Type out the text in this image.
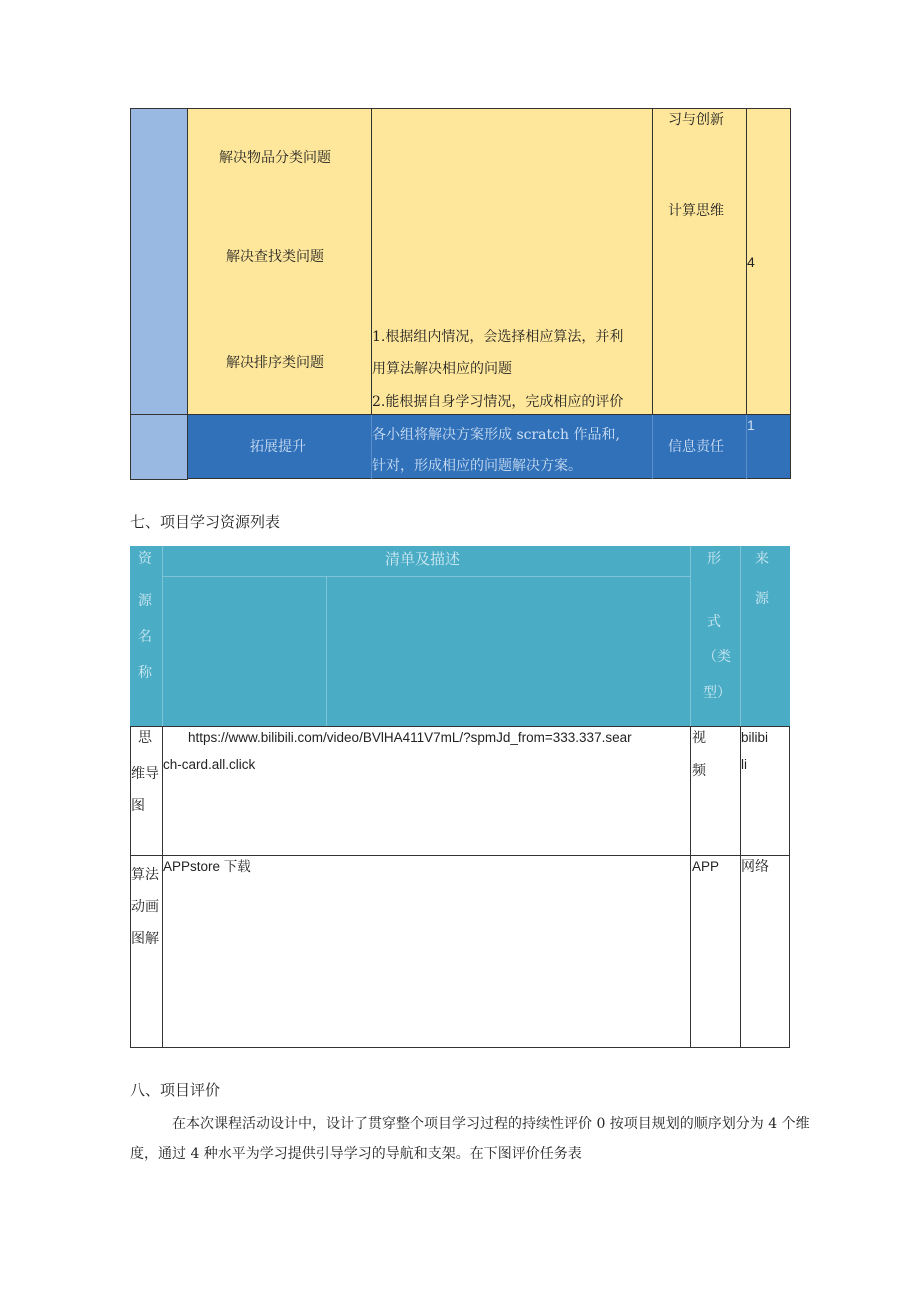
解决物品分类问题
解决查找类问题
解决排序类问题
1.根据组内情况，会选择相应算法，并利
用算法解决相应的问题
2.能根据自身学习情况，完成相应的评价
习与创新
计算思维
4
拓展提升
各小组将解决方案形成 scratch 作品和,
针对，形成相应的问题解决方案。
信息责任
1
七、项目学习资源列表
资
源
名
称
清单及描述	形
式
（类
型）
来
源
思
维导
图
https://www.bilibili.com/video/BVlHA411V7mL/?spmJd_from=333.337.sear
ch-card.all.click
视
频
bilibi
li
算法
动画
图解
APPstore 下载	APP 网络
八、项目评价

在本次课程活动设计中，设计了贯穿整个项目学习过程的持续性评价 0 按项目规划的顺序划分为 4 个维

度，通过 4 种水平为学习提供引导学习的导航和支架。在下图评价任务表
